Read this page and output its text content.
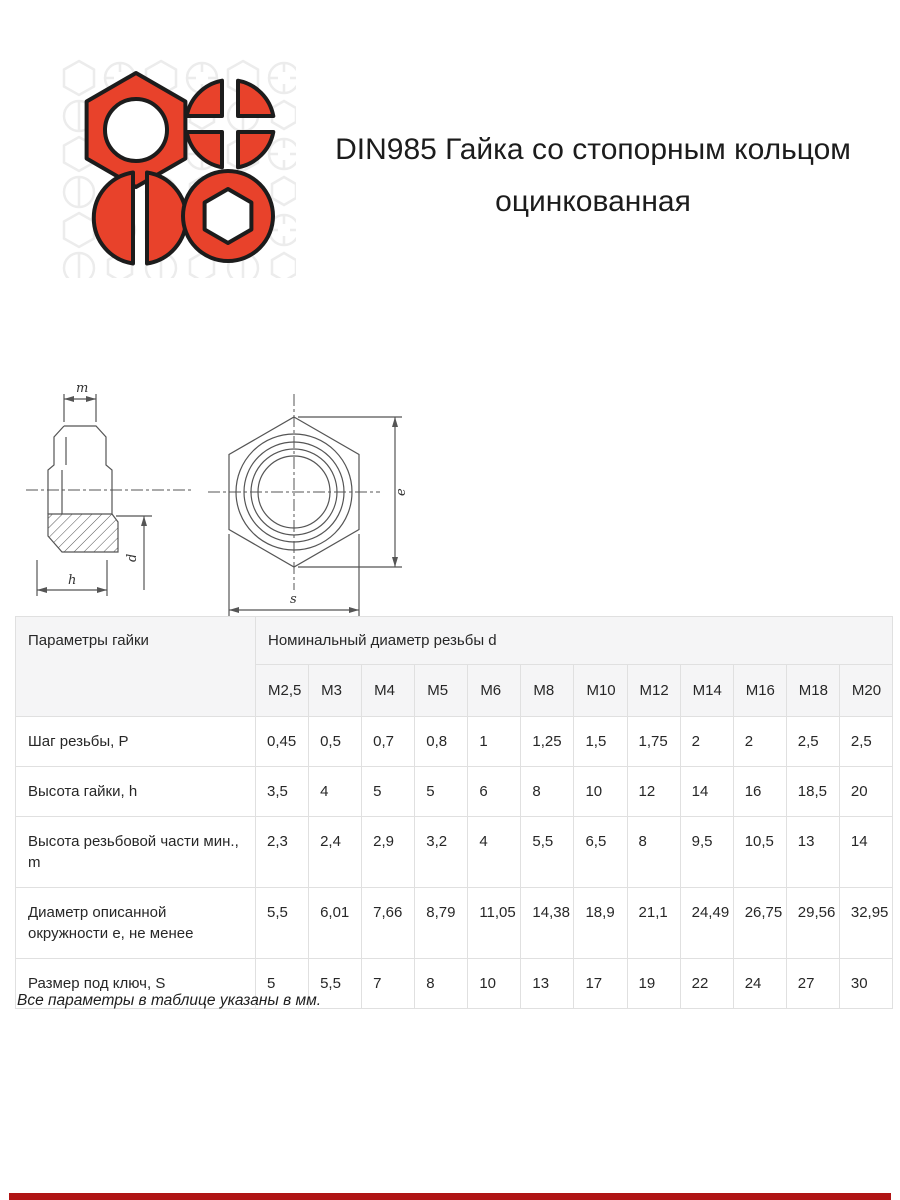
DIN985 Гайка со стопорным кольцом
оцинкованная
m
d
h
e
s
Параметры гайки	Номинальный диаметр резьбы d											
	M2,5	M3	M4	M5	M6	M8	M10	M12	M14	M16	M18	M20
Шаг резьбы, P	0,45	0,5	0,7	0,8	1	1,25	1,5	1,75	2	2	2,5	2,5
Высота гайки, h	3,5	4	5	5	6	8	10	12	14	16	18,5	20
Высота резьбовой части мин., m	2,3	2,4	2,9	3,2	4	5,5	6,5	8	9,5	10,5	13	14
Диаметр описанной окружности е, не менее	5,5	6,01	7,66	8,79	11,05	14,38	18,9	21,1	24,49	26,75	29,56	32,95
Размер под ключ, S	5	5,5	7	8	10	13	17	19	22	24	27	30
Все параметры в таблице указаны в мм.
